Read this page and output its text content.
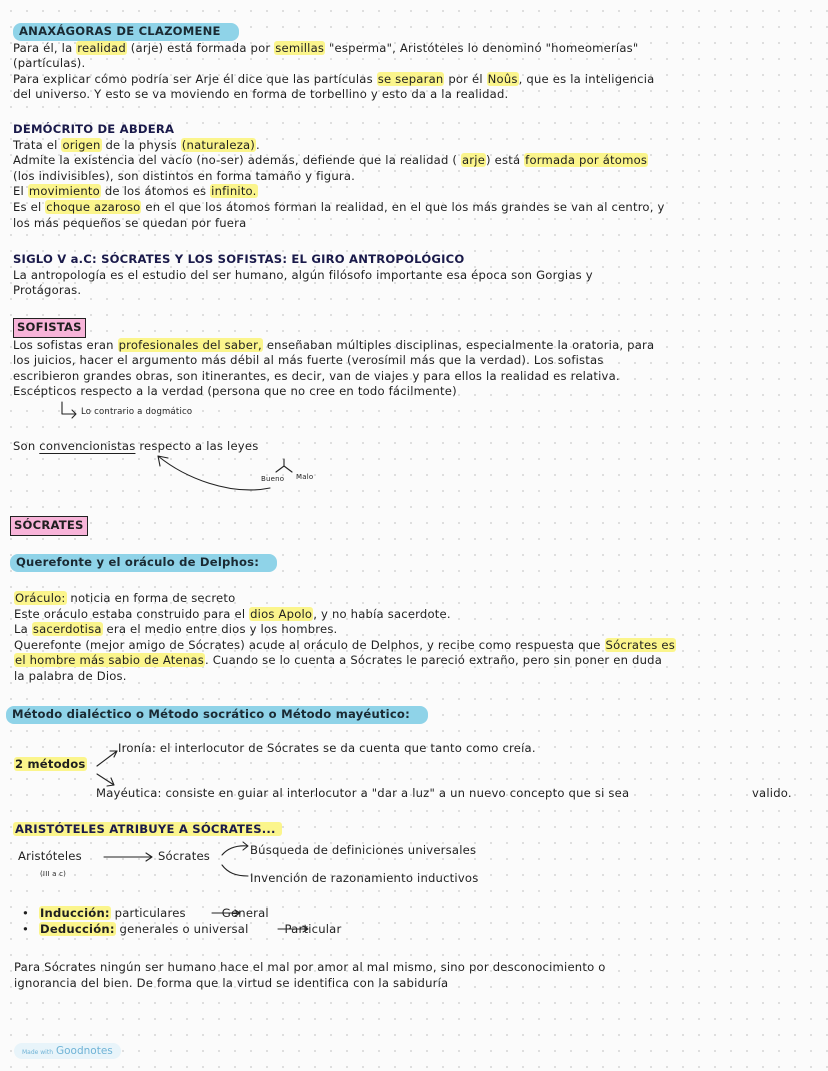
ANAXÁGORAS DE CLAZOMENE

Para él, la realidad (arje) está formada por semillas "esperma", Aristóteles lo denominó "homeomerías"

(partículas).

Para explicar cómo podría ser Arje él dice que las partículas se separan por él Noûs, que es la inteligencia

del universo. Y esto se va moviendo en forma de torbellino y esto da a la realidad.

DEMÓCRITO DE ABDERA

Trata el origen de la physis (naturaleza).

Admite la existencia del vacío (no-ser) además, defiende que la realidad ( arje) está formada por átomos

(los indivisibles), son distintos en forma tamaño y figura.

El movimiento de los átomos es infinito.

Es el choque azaroso en el que los átomos forman la realidad, en el que los más grandes se van al centro, y

los más pequeños se quedan por fuera

SIGLO V a.C: SÓCRATES Y LOS SOFISTAS: EL GIRO ANTROPOLÓGICO

La antropología es el estudio del ser humano, algún filósofo importante esa época son Gorgias y

Protágoras.

SOFISTAS

Los sofistas eran profesionales del saber, enseñaban múltiples disciplinas, especialmente la oratoria, para

los juicios, hacer el argumento más débil al más fuerte (verosímil más que la verdad). Los sofistas

escribieron grandes obras, son itinerantes, es decir, van de viajes y para ellos la realidad es relativa.

Escépticos respecto a la verdad (persona que no cree en todo fácilmente)

Lo contrario a dogmático

Son convencionistas respecto a las leyes

Bueno Malo

SÓCRATES

Querefonte y el oráculo de Delphos:

Oráculo: noticia en forma de secreto

Este oráculo estaba construido para el dios Apolo, y no había sacerdote.

La sacerdotisa era el medio entre dios y los hombres.

Querefonte (mejor amigo de Sócrates) acude al oráculo de Delphos, y recibe como respuesta que Sócrates es

el hombre más sabio de Atenas. Cuando se lo cuenta a Sócrates le pareció extraño, pero sin poner en duda

la palabra de Dios.

Método dialéctico o Método socrático o Método mayéutico:

Ironía: el interlocutor de Sócrates se da cuenta que tanto como creía.

2 métodos

Mayéutica: consiste en guiar al interlocutor a "dar a luz" a un nuevo concepto que si sea	valido.

ARISTÓTELES ATRIBUYE A SÓCRATES...

Aristóteles
(III a c)
Sócrates	Búsqueda de definiciones universales
Invención de razonamiento inductivos
• Inducción: particulares	General
• Deducción: generales o universal	Particular

Para Sócrates ningún ser humano hace el mal por amor al mal mismo, sino por desconocimiento o

ignorancia del bien. De forma que la virtud se identifica con la sabiduría

Made with Goodnotes
